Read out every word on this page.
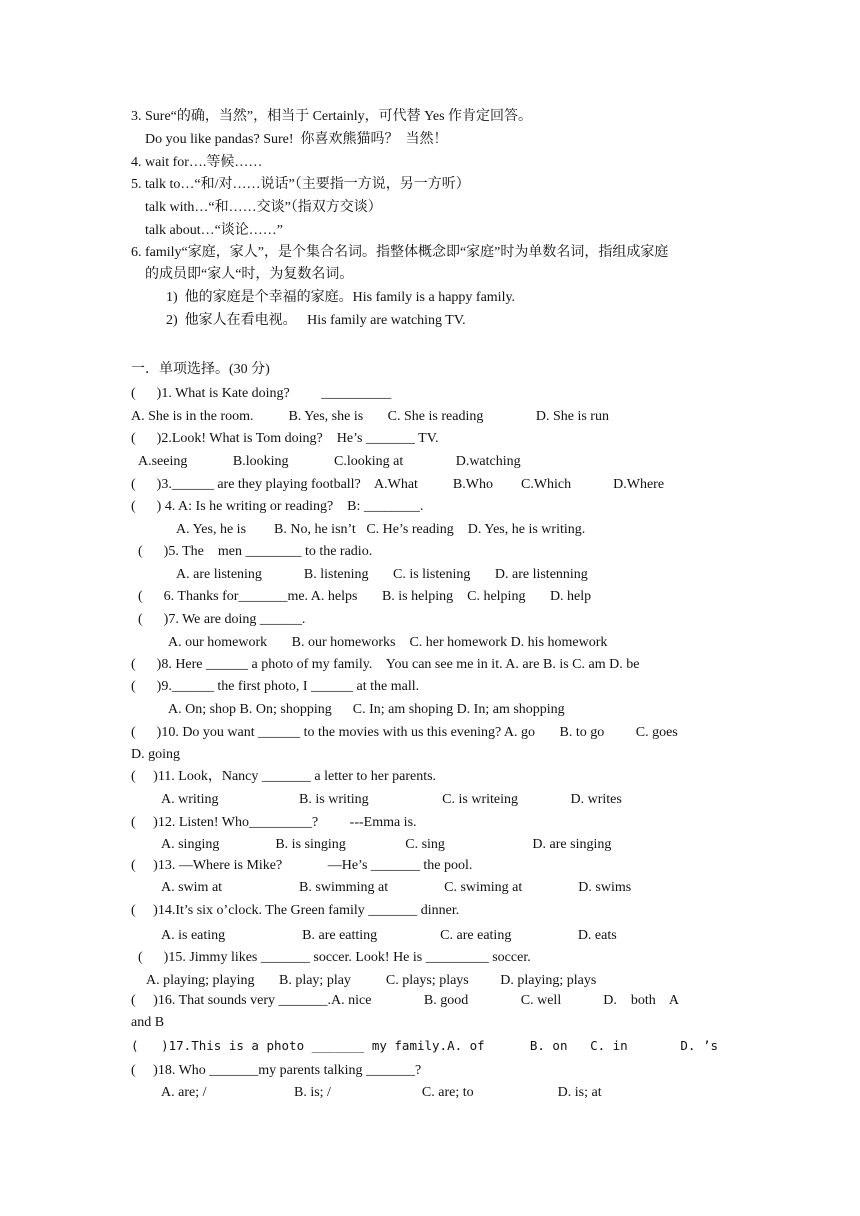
3. Sure“的确，当然”，相当于 Certainly，可代替 Yes 作肯定回答。
Do you like pandas? Sure!  你喜欢熊猫吗？  当然！
4. wait for….等候……
5. talk to…“和/对……说话”（主要指一方说，另一方听）
talk with…“和……交谈”（指双方交谈）
talk about…“谈论……”
6. family“家庭，家人”，是个集合名词。指整体概念即“家庭”时为单数名词，指组成家庭
的成员即“家人“时，为复数名词。
1)  他的家庭是个幸福的家庭。His family is a happy family.
2)  他家人在看电视。   His family are watching TV.
一．单项选择。(30 分)
(      )1. What is Kate doing?         __________
A. She is in the room.          B. Yes, she is       C. She is reading               D. She is run
(      )2.Look! What is Tom doing?    He’s _______ TV.
A.seeing             B.looking             C.looking at               D.watching
(      )3.______ are they playing football?    A.What          B.Who        C.Which            D.Where
(      ) 4. A: Is he writing or reading?    B: ________.
A. Yes, he is        B. No, he isn’t   C. He’s reading    D. Yes, he is writing.
(      )5. The    men ________ to the radio.
A. are listening            B. listening       C. is listening       D. are listenning
(      6. Thanks for_______me. A. helps       B. is helping    C. helping       D. help
(      )7. We are doing ______.
A. our homework       B. our homeworks    C. her homework D. his homework
(      )8. Here ______ a photo of my family.    You can see me in it. A. are B. is C. am D. be
(      )9.______ the first photo, I ______ at the mall.
A. On; shop B. On; shopping      C. In; am shoping D. In; am shopping
(      )10. Do you want ______ to the movies with us this evening? A. go       B. to go         C. goes
D. going
(     )11. Look，Nancy _______ a letter to her parents.
A. writing                       B. is writing                     C. is writeing               D. writes
(     )12. Listen! Who_________?         ---Emma is.
A. singing                B. is singing                 C. sing                         D. are singing
(     )13. —Where is Mike?             —He’s _______ the pool.
A. swim at                      B. swimming at                C. swiming at                D. swims
(     )14.It’s six o’clock. The Green family _______ dinner.
A. is eating                      B. are eatting                  C. are eating                   D. eats
(      )15. Jimmy likes _______ soccer. Look! He is _________ soccer.
A. playing; playing       B. play; play          C. plays; plays         D. playing; plays
(     )16. That sounds very _______.A. nice               B. good               C. well            D.    both    A
and B
(   )17.This is a photo _______ my family.A. of      B. on   C. in       D. ’s
(     )18. Who _______my parents talking _______?
A. are; /                         B. is; /                          C. are; to                        D. is; at
